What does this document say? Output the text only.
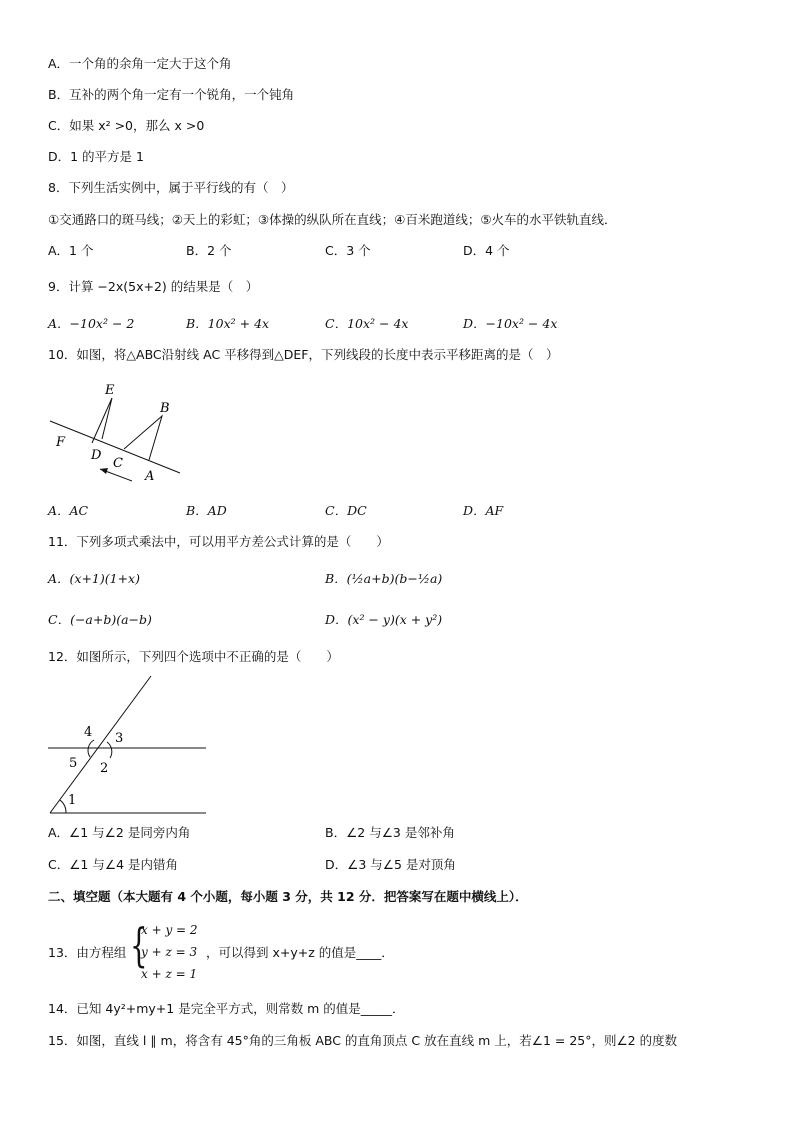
A．一个角的余角一定大于这个角
B．互补的两个角一定有一个锐角，一个钝角
C．如果 x² >0，那么 x >0
D．1 的平方是 1
8．下列生活实例中，属于平行线的有（　）
①交通路口的斑马线；②天上的彩虹；③体操的纵队所在直线；④百米跑道线；⑤火车的水平铁轨直线．
A．1 个	B．2 个	C．3 个	D．4 个
9．计算 −2x(5x+2) 的结果是（　）
A．−10x² − 2	B．10x² + 4x	C．10x² − 4x	D．−10x² − 4x
10．如图，将△ABC沿射线 AC 平移得到△DEF，下列线段的长度中表示平移距离的是（　）
E
B
F
D
C
A
A．AC	B．AD	C．DC	D．AF
11．下列多项式乘法中，可以用平方差公式计算的是（　　）
A．(x+1)(1+x)	B．(½a+b)(b−½a)
C．(−a+b)(a−b)	D．(x² − y)(x + y²)
12．如图所示，下列四个选项中不正确的是（　　）
4 3
5 2
1
A．∠1 与∠2 是同旁内角	B．∠2 与∠3 是邻补角
C．∠1 与∠4 是内错角	D．∠3 与∠5 是对顶角
二、填空题（本大题有 4 个小题，每小题 3 分，共 12 分．把答案写在题中横线上）．
13．由方程组 {
x + y = 2
y + z = 3
x + z = 1
，可以得到 x+y+z 的值是____．
14．已知 4y²+my+1 是完全平方式，则常数 m 的值是_____．
15．如图，直线 l ∥ m，将含有 45°角的三角板 ABC 的直角顶点 C 放在直线 m 上，若∠1 = 25°，则∠2 的度数
